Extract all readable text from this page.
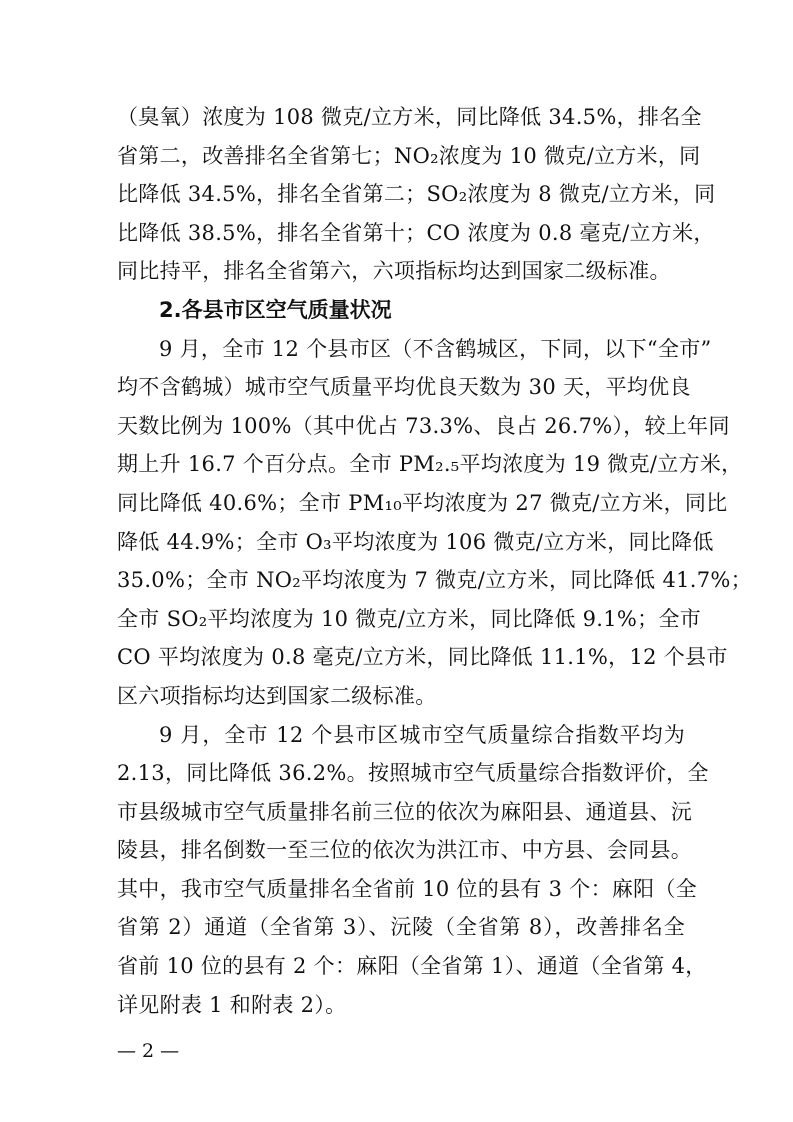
（臭氧）浓度为 108 微克/立方米，同比降低 34.5%，排名全
省第二，改善排名全省第七；NO₂浓度为 10 微克/立方米，同
比降低 34.5%，排名全省第二；SO₂浓度为 8 微克/立方米，同
比降低 38.5%，排名全省第十；CO 浓度为 0.8 毫克/立方米，
同比持平，排名全省第六，六项指标均达到国家二级标准。
2.各县市区空气质量状况
9 月，全市 12 个县市区（不含鹤城区，下同，以下“全市”
均不含鹤城）城市空气质量平均优良天数为 30 天，平均优良
天数比例为 100%（其中优占 73.3%、良占 26.7%），较上年同
期上升 16.7 个百分点。全市 PM₂.₅平均浓度为 19 微克/立方米，
同比降低 40.6%；全市 PM₁₀平均浓度为 27 微克/立方米，同比
降低 44.9%；全市 O₃平均浓度为 106 微克/立方米，同比降低
35.0%；全市 NO₂平均浓度为 7 微克/立方米，同比降低 41.7%；
全市 SO₂平均浓度为 10 微克/立方米，同比降低 9.1%；全市
CO 平均浓度为 0.8 毫克/立方米，同比降低 11.1%，12 个县市
区六项指标均达到国家二级标准。
9 月，全市 12 个县市区城市空气质量综合指数平均为
2.13，同比降低 36.2%。按照城市空气质量综合指数评价，全
市县级城市空气质量排名前三位的依次为麻阳县、通道县、沅
陵县，排名倒数一至三位的依次为洪江市、中方县、会同县。
其中，我市空气质量排名全省前 10 位的县有 3 个：麻阳（全
省第 2）通道（全省第 3）、沅陵（全省第 8），改善排名全
省前 10 位的县有 2 个：麻阳（全省第 1）、通道（全省第 4，
详见附表 1 和附表 2）。
— 2 —
